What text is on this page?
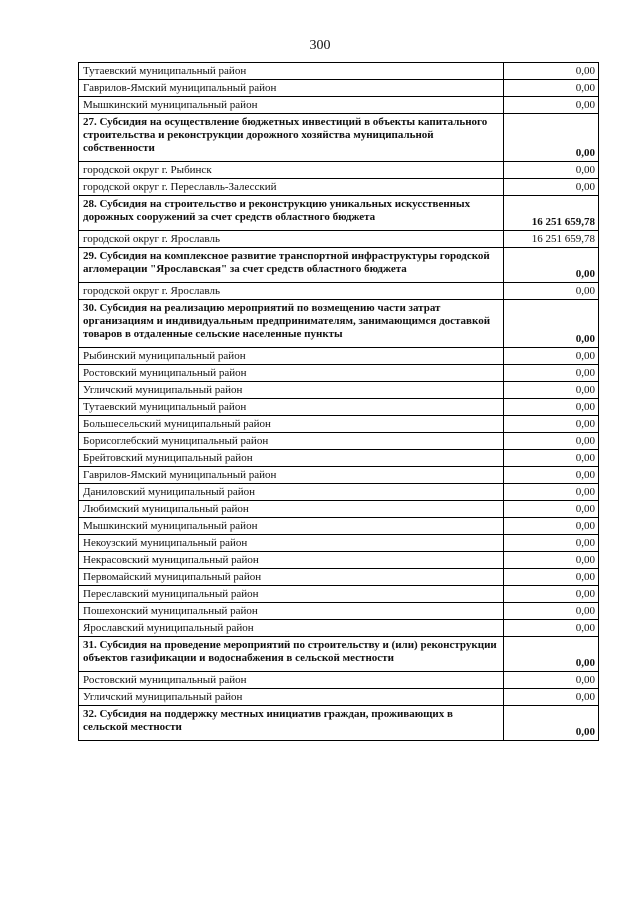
300
Тутаевский муниципальный район	0,00
Гаврилов-Ямский муниципальный район	0,00
Мышкинский муниципальный район	0,00
27. Субсидия на осуществление бюджетных инвестиций в объекты капитального строительства и реконструкции дорожного хозяйства муниципальной собственности	0,00
городской округ г. Рыбинск	0,00
городской округ г. Переславль-Залесский	0,00
28. Субсидия на строительство и реконструкцию уникальных искусственных дорожных сооружений за счет средств областного бюджета	16 251 659,78
городской округ г. Ярославль	16 251 659,78
29. Субсидия на комплексное развитие транспортной инфраструктуры городской агломерации "Ярославская" за счет средств областного бюджета	0,00
городской округ г. Ярославль	0,00
30. Субсидия на реализацию мероприятий по возмещению части затрат организациям и индивидуальным предпринимателям, занимающимся доставкой товаров в отдаленные сельские населенные пункты	0,00
Рыбинский муниципальный район	0,00
Ростовский муниципальный район	0,00
Угличский муниципальный район	0,00
Тутаевский муниципальный район	0,00
Большесельский муниципальный район	0,00
Борисоглебский муниципальный район	0,00
Брейтовский муниципальный район	0,00
Гаврилов-Ямский муниципальный район	0,00
Даниловский муниципальный район	0,00
Любимский муниципальный район	0,00
Мышкинский муниципальный район	0,00
Некоузский муниципальный район	0,00
Некрасовский муниципальный район	0,00
Первомайский муниципальный район	0,00
Переславский муниципальный район	0,00
Пошехонский муниципальный район	0,00
Ярославский муниципальный район	0,00
31. Субсидия на проведение мероприятий по строительству и (или) реконструкции объектов газификации и водоснабжения в сельской местности	0,00
Ростовский муниципальный район	0,00
Угличский муниципальный район	0,00
32. Субсидия на поддержку местных инициатив граждан, проживающих в сельской местности	0,00
